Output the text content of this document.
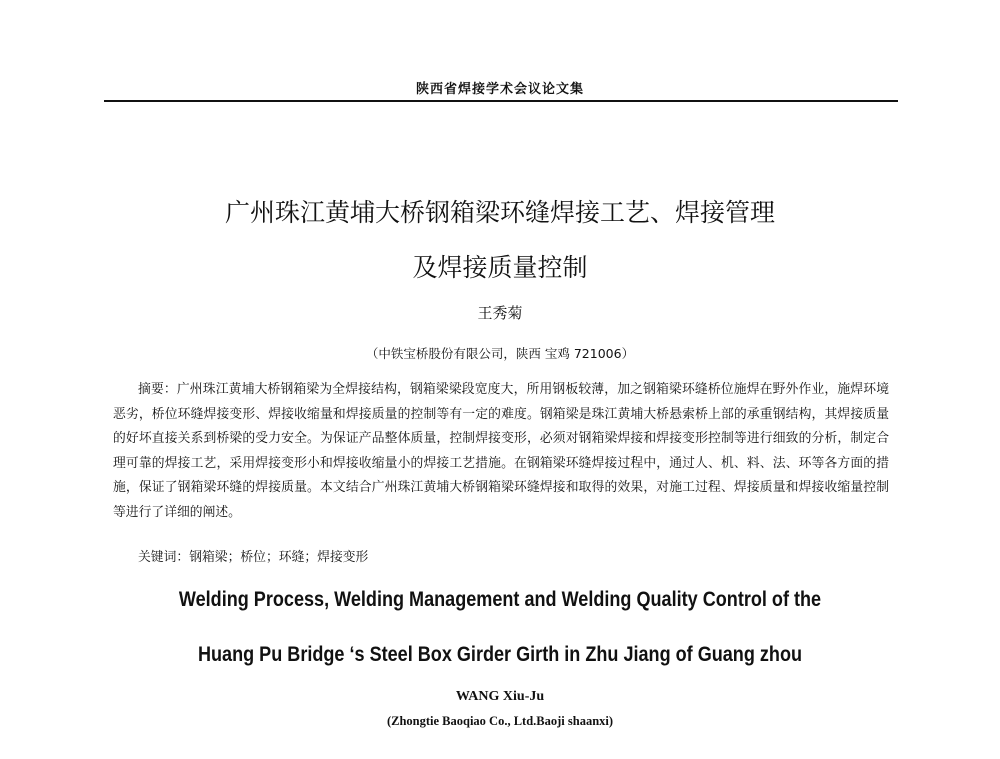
陕西省焊接学术会议论文集
广州珠江黄埔大桥钢箱梁环缝焊接工艺、焊接管理
及焊接质量控制
王秀菊
（中铁宝桥股份有限公司，陕西 宝鸡 721006）

摘要：广州珠江黄埔大桥钢箱梁为全焊接结构，钢箱梁梁段宽度大，所用钢板较薄，加之钢箱梁环缝桥位施焊在野外作业，施焊环境恶劣，桥位环缝焊接变形、焊接收缩量和焊接质量的控制等有一定的难度。钢箱梁是珠江黄埔大桥悬索桥上部的承重钢结构，其焊接质量的好坏直接关系到桥梁的受力安全。为保证产品整体质量，控制焊接变形，必须对钢箱梁焊接和焊接变形控制等进行细致的分析，制定合理可靠的焊接工艺，采用焊接变形小和焊接收缩量小的焊接工艺措施。在钢箱梁环缝焊接过程中，通过人、机、料、法、环等各方面的措施，保证了钢箱梁环缝的焊接质量。本文结合广州珠江黄埔大桥钢箱梁环缝焊接和取得的效果，对施工过程、焊接质量和焊接收缩量控制等进行了详细的阐述。

关键词：钢箱梁；桥位；环缝；焊接变形
Welding Process, Welding Management and Welding Quality Control of the
Huang Pu Bridge ‘s Steel Box Girder Girth in Zhu Jiang of Guang zhou
WANG Xiu-Ju
(Zhongtie Baoqiao Co., Ltd.Baoji shaanxi)
